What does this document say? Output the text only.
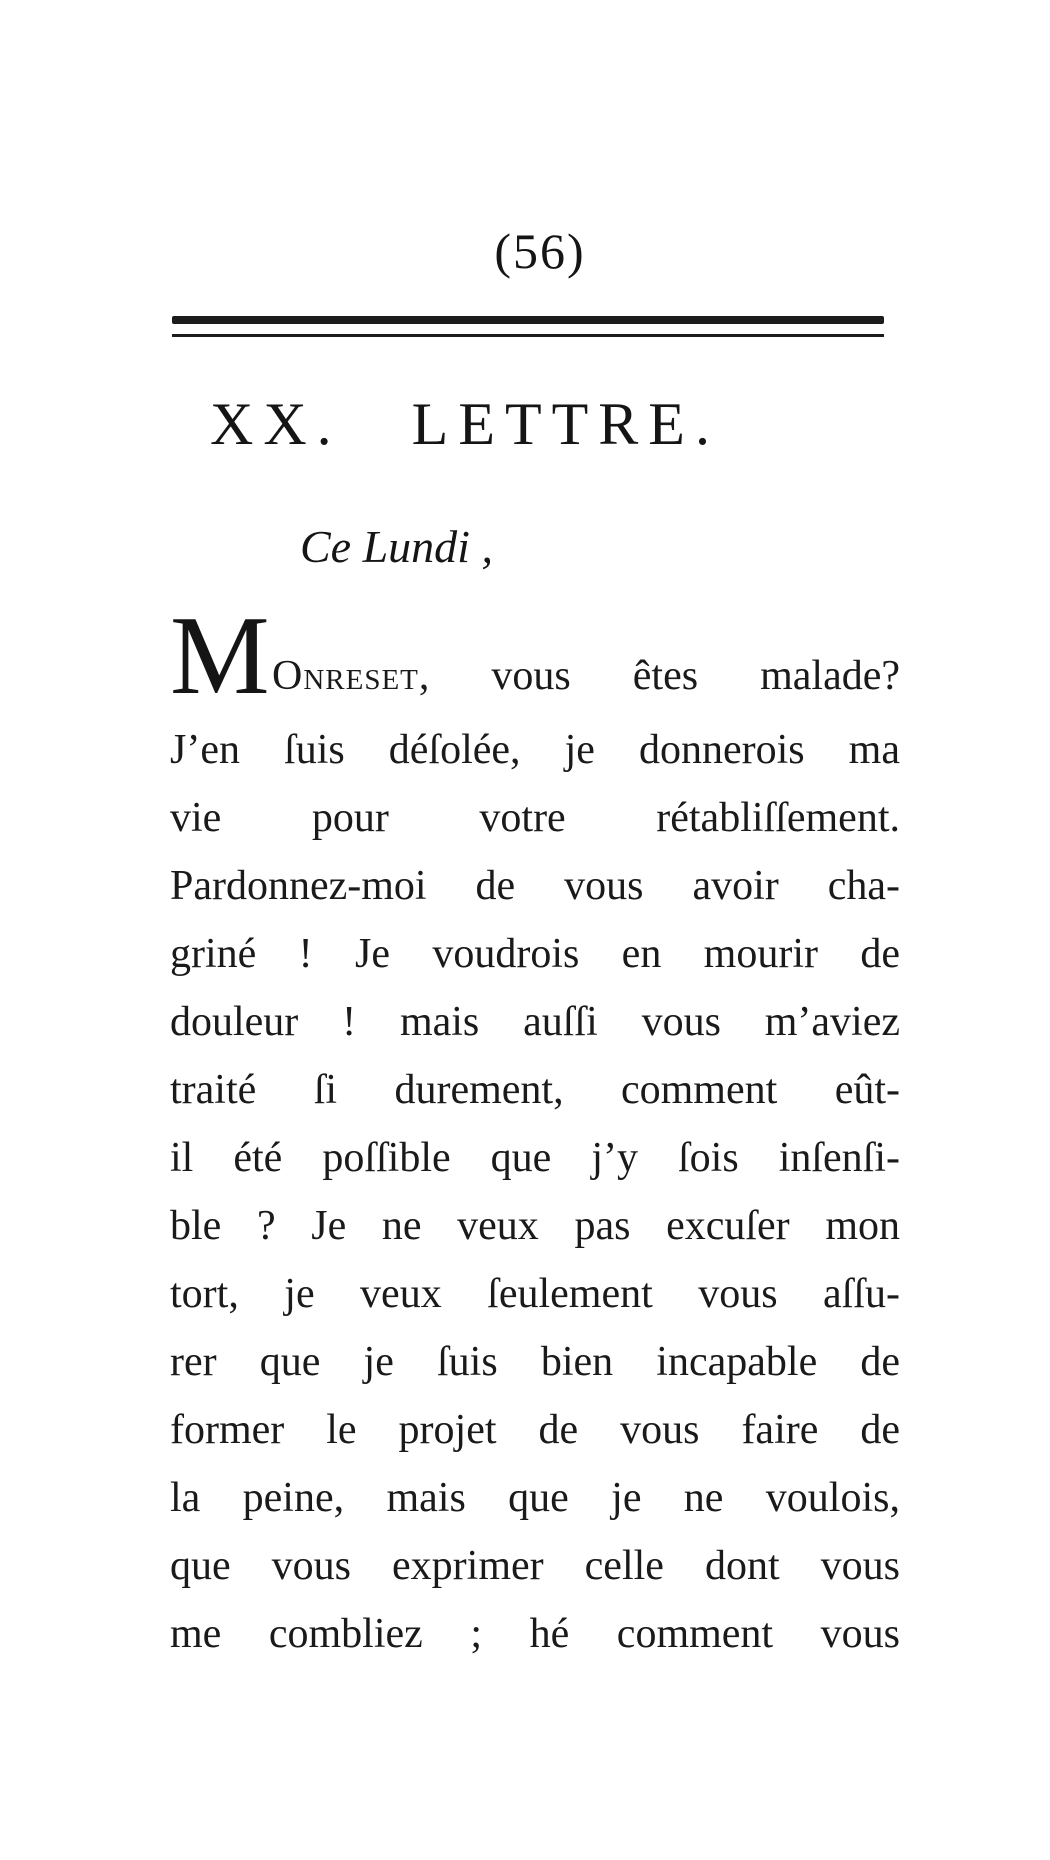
(56)
XX. LETTRE.
Ce Lundi ,
M Onreset, vous êtes malade?
J’en ſuis déſolée, je donnerois ma
vie pour votre rétabliſſement.
Pardonnez-moi de vous avoir cha-
griné ! Je voudrois en mourir de
douleur ! mais auſſi vous m’aviez
traité ſi durement, comment eût-
il été poſſible que j’y ſois inſenſi-
ble ? Je ne veux pas excuſer mon
tort, je veux ſeulement vous aſſu-
rer que je ſuis bien incapable de
former le projet de vous faire de
la peine, mais que je ne voulois,
que vous exprimer celle dont vous
me combliez ; hé comment vous
